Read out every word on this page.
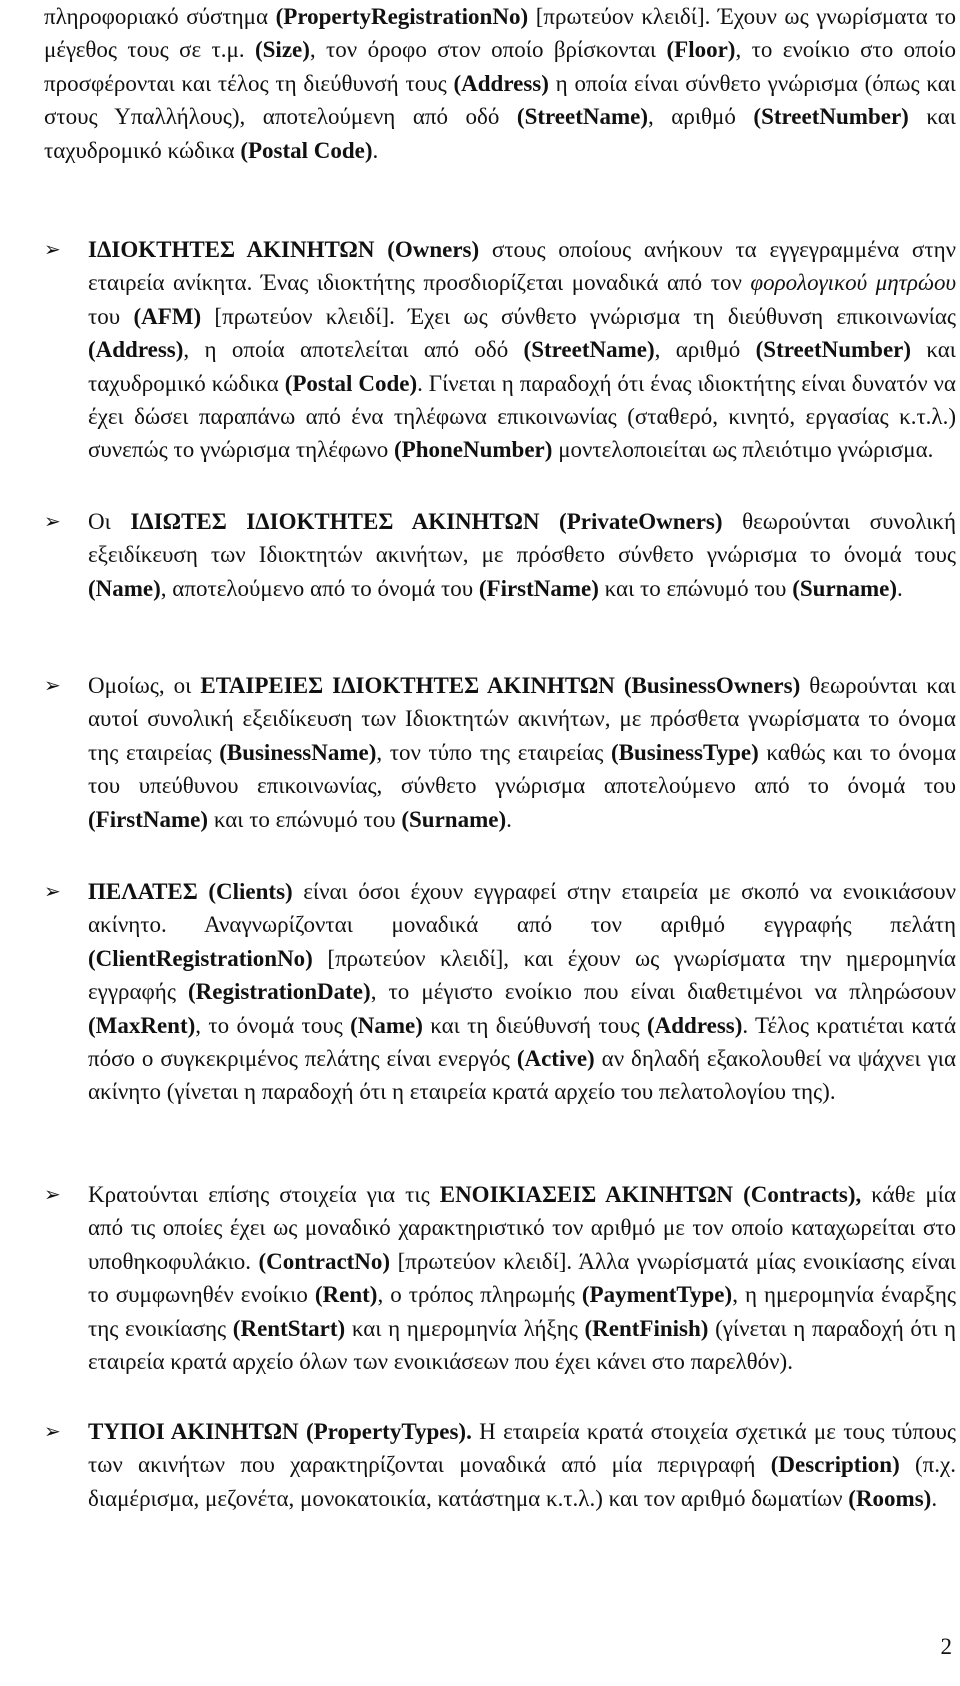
πληροφοριακό σύστημα (PropertyRegistrationNo) [πρωτεύον κλειδί]. Έχουν ως γνωρίσματα το μέγεθος τους σε τ.μ. (Size), τον όροφο στον οποίο βρίσκονται (Floor), το ενοίκιο στο οποίο προσφέρονται και τέλος τη διεύθυνσή τους (Address) η οποία είναι σύνθετο γνώρισμα (όπως και στους Υπαλλήλους), αποτελούμενη από οδό (StreetName), αριθμό (StreetNumber) και ταχυδρομικό κώδικα (Postal Code).

➢	ΙΔΙΟΚΤΗΤΕΣ ΑΚΙΝΗΤΩΝ (Owners) στους οποίους ανήκουν τα εγγεγραμμένα στην εταιρεία ανίκητα. Ένας ιδιοκτήτης προσδιορίζεται μοναδικά από τον φορολογικού μητρώου του (AFM) [πρωτεύον κλειδί]. Έχει ως σύνθετο γνώρισμα τη διεύθυνση επικοινωνίας (Address), η οποία αποτελείται από οδό (StreetName), αριθμό (StreetNumber) και ταχυδρομικό κώδικα (Postal Code). Γίνεται η παραδοχή ότι ένας ιδιοκτήτης είναι δυνατόν να έχει δώσει παραπάνω από ένα τηλέφωνα επικοινωνίας (σταθερό, κινητό, εργασίας κ.τ.λ.) συνεπώς το γνώρισμα τηλέφωνο (PhoneNumber) μοντελοποιείται ως πλειότιμο γνώρισμα.

➢	Οι ΙΔΙΩΤΕΣ ΙΔΙΟΚΤΗΤΕΣ ΑΚΙΝΗΤΩΝ (PrivateOwners) θεωρούνται συνολική εξειδίκευση των Ιδιοκτητών ακινήτων, με πρόσθετο σύνθετο γνώρισμα το όνομά τους (Name), αποτελούμενο από το όνομά του (FirstName) και το επώνυμό του (Surname).

➢	Ομοίως, οι ΕΤΑΙΡΕΙΕΣ ΙΔΙΟΚΤΗΤΕΣ ΑΚΙΝΗΤΩΝ (BusinessOwners) θεωρούνται και αυτοί συνολική εξειδίκευση των Ιδιοκτητών ακινήτων, με πρόσθετα γνωρίσματα το όνομα της εταιρείας (BusinessName), τον τύπο της εταιρείας (BusinessType) καθώς και το όνομα του υπεύθυνου επικοινωνίας, σύνθετο γνώρισμα αποτελούμενο από το όνομά του (FirstName) και το επώνυμό του (Surname).

➢	ΠΕΛΑΤΕΣ (Clients) είναι όσοι έχουν εγγραφεί στην εταιρεία με σκοπό να ενοικιάσουν ακίνητο. Αναγνωρίζονται μοναδικά από τον αριθμό εγγραφής πελάτη (ClientRegistrationNo) [πρωτεύον κλειδί], και έχουν ως γνωρίσματα την ημερομηνία εγγραφής (RegistrationDate), το μέγιστο ενοίκιο που είναι διαθετιμένοι να πληρώσουν (MaxRent), το όνομά τους (Name) και τη διεύθυνσή τους (Address). Τέλος κρατιέται κατά πόσο ο συγκεκριμένος πελάτης είναι ενεργός (Active) αν δηλαδή εξακολουθεί να ψάχνει για ακίνητο (γίνεται η παραδοχή ότι η εταιρεία κρατά αρχείο του πελατολογίου της).

➢	Κρατούνται επίσης στοιχεία για τις ΕΝΟΙΚΙΑΣΕΙΣ ΑΚΙΝΗΤΩΝ (Contracts), κάθε μία από τις οποίες έχει ως μοναδικό χαρακτηριστικό τον αριθμό με τον οποίο καταχωρείται στο υποθηκοφυλάκιο. (ContractNo) [πρωτεύον κλειδί]. Άλλα γνωρίσματά μίας ενοικίασης είναι το συμφωνηθέν ενοίκιο (Rent), ο τρόπος πληρωμής (PaymentType), η ημερομηνία έναρξης της ενοικίασης (RentStart) και η ημερομηνία λήξης (RentFinish) (γίνεται η παραδοχή ότι η εταιρεία κρατά αρχείο όλων των ενοικιάσεων που έχει κάνει στο παρελθόν).

➢	ΤΥΠΟΙ ΑΚΙΝΗΤΩΝ (PropertyTypes). Η εταιρεία κρατά στοιχεία σχετικά με τους τύπους των ακινήτων που χαρακτηρίζονται μοναδικά από μία περιγραφή (Description) (π.χ. διαμέρισμα, μεζονέτα, μονοκατοικία, κατάστημα κ.τ.λ.) και τον αριθμό δωματίων (Rooms).

2
